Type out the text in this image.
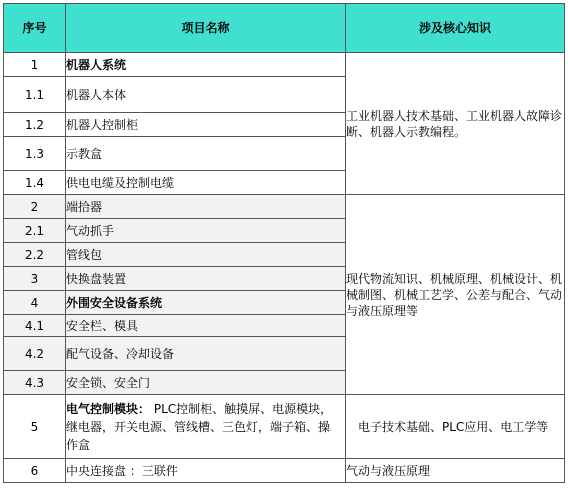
序号	项目名称	涉及核心知识
1	机器人系统	工业机器人技术基础、工业机器人故障诊断、机器人示教编程。
1.1	机器人本体	
1.2	机器人控制柜	
1.3	示教盒	
1.4	供电电缆及控制电缆	
2	端拾器	现代物流知识、机械原理、机械设计、机械制图、机械工艺学、公差与配合、气动与液压原理等
2.1	气动抓手	
2.2	管线包	
3	快换盘装置	
4	外围安全设备系统	
4.1	安全栏、模具	
4.2	配气设备、冷却设备	
4.3	安全锁、安全门	
5	电气控制模块： PLC控制柜、触摸屏、电源模块，继电器，开关电源、管线槽、三色灯，端子箱、操作盒	电子技术基础、PLC应用、电工学等
6	中央连接盘 ：三联件	气动与液压原理
